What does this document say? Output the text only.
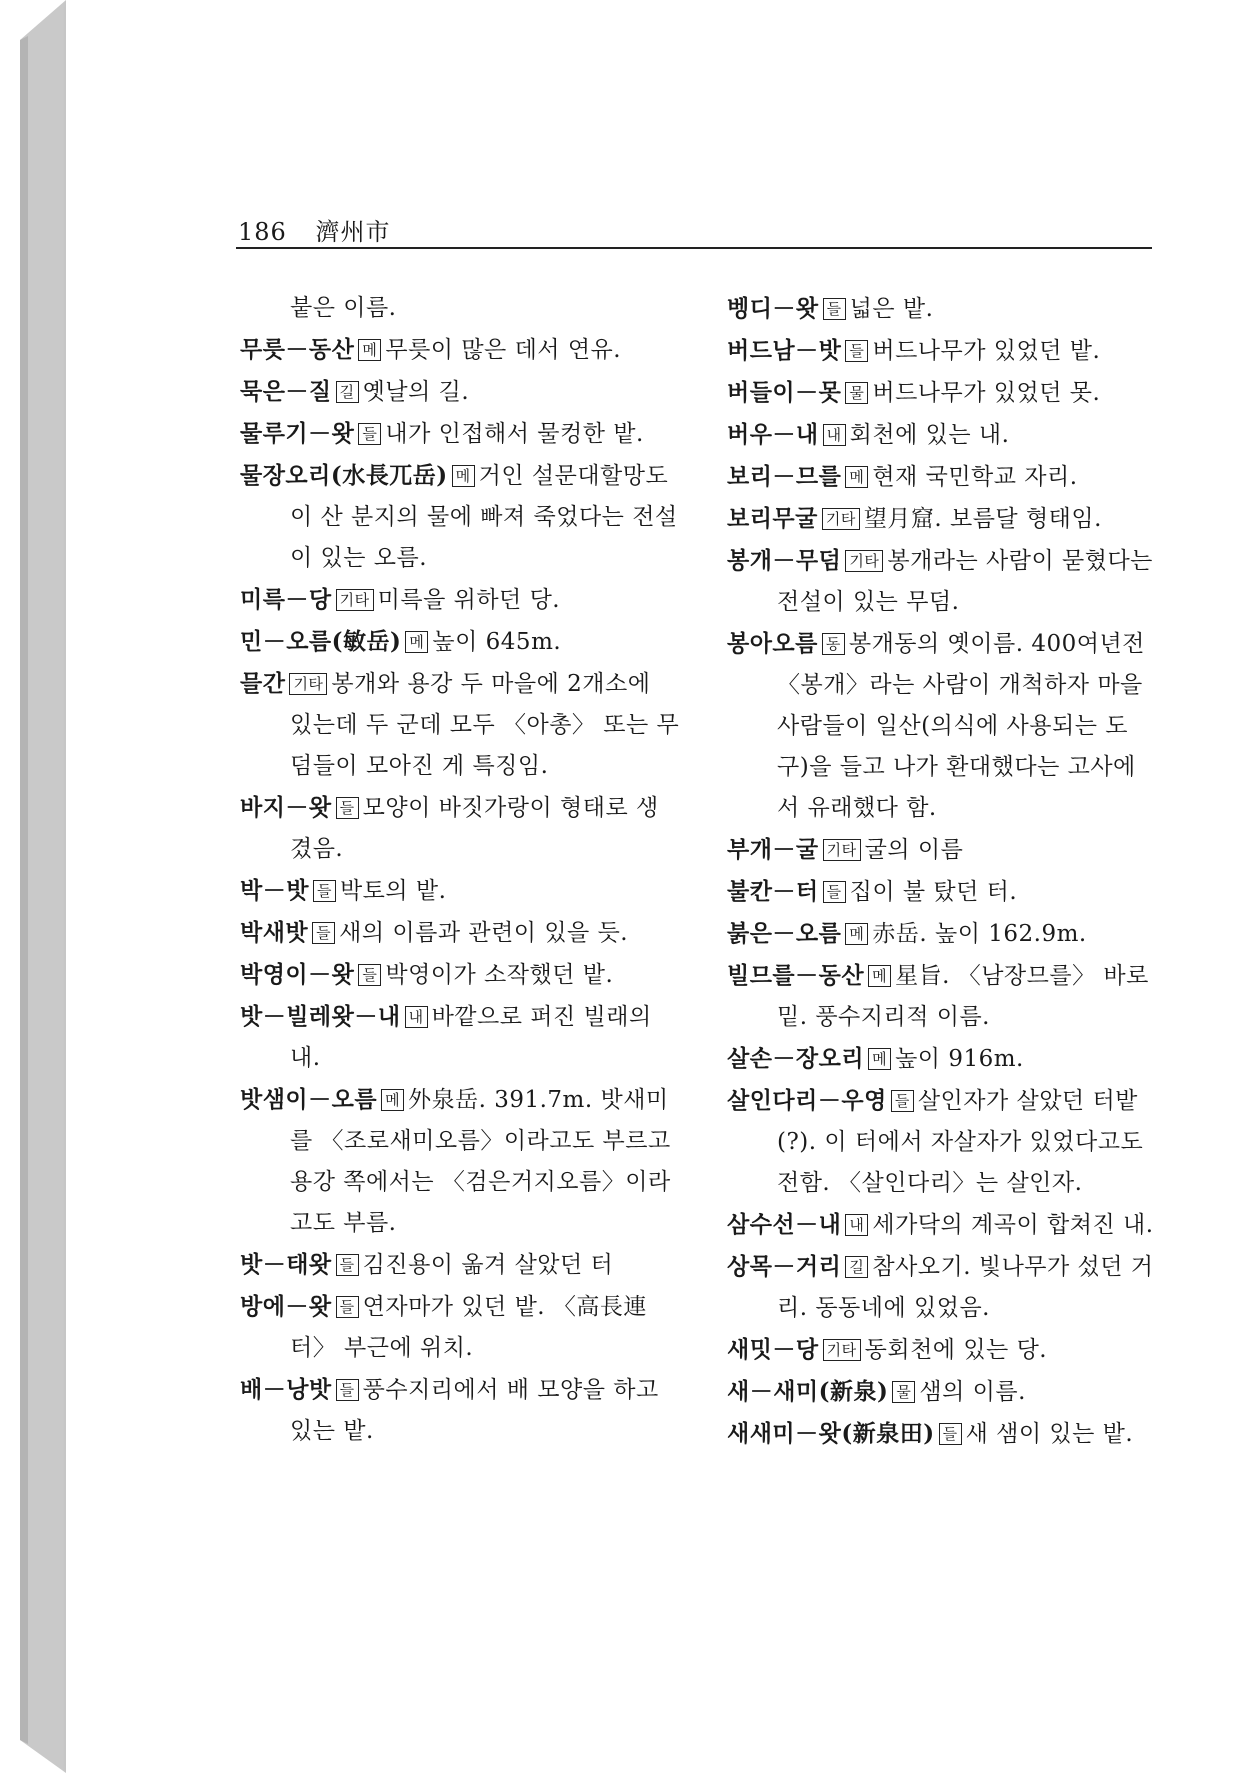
186 濟州市

붙은 이름.

무릇－동산 메 무릇이 많은 데서 연유.

묵은－질 길 옛날의 길.

물루기－왓 들 내가 인접해서 물컹한 밭.

물장오리(水長兀岳) 메 거인 설문대할망도 이 산 분지의 물에 빠져 죽었다는 전설이 있는 오름.

미륵－당 기타 미륵을 위하던 당.

민－오름(敏岳) 메 높이 645m.

믈간 기타 봉개와 용강 두 마을에 2개소에 있는데 두 군데 모두 〈아총〉 또는 무덤들이 모아진 게 특징임.

바지－왓 들 모양이 바짓가랑이 형태로 생겼음.

박－밧 들 박토의 밭.

박새밧 들 새의 이름과 관련이 있을 듯.

박영이－왓 들 박영이가 소작했던 밭.

밧－빌레왓－내 내 바깥으로 퍼진 빌래의 내.

밧샘이－오름 메 外泉岳. 391.7m. 밧새미를 〈조로새미오름〉이라고도 부르고 용강 쪽에서는 〈검은거지오름〉이라고도 부름.

밧－태왓 들 김진용이 옮겨 살았던 터

방에－왓 들 연자마가 있던 밭. 〈高長連터〉 부근에 위치.

배－낭밧 들 풍수지리에서 배 모양을 하고 있는 밭.

벵디－왓 들 넓은 밭.

버드남－밧 들 버드나무가 있었던 밭.

버들이－못 물 버드나무가 있었던 못.

버우－내 내 회천에 있는 내.

보리－므를 메 현재 국민학교 자리.

보리무굴 기타 望月窟. 보름달 형태임.

봉개－무덤 기타 봉개라는 사람이 묻혔다는 전설이 있는 무덤.

봉아오름 동 봉개동의 옛이름. 400여년전 〈봉개〉라는 사람이 개척하자 마을 사람들이 일산(의식에 사용되는 도구)을 들고 나가 환대했다는 고사에서 유래했다 함.

부개－굴 기타 굴의 이름

불칸－터 들 집이 불 탔던 터.

붉은－오름 메 赤岳. 높이 162.9m.

빌므를－동산 메 星旨. 〈남장므를〉 바로 밑. 풍수지리적 이름.

살손－장오리 메 높이 916m.

살인다리－우영 들 살인자가 살았던 터밭(?). 이 터에서 자살자가 있었다고도 전함. 〈살인다리〉는 살인자.

삼수선－내 내 세가닥의 계곡이 합쳐진 내.

상목－거리 길 참사오기. 빛나무가 섰던 거리. 동동네에 있었음.

새밋－당 기타 동회천에 있는 당.

새－새미(新泉) 물 샘의 이름.

새새미－왓(新泉田) 들 새 샘이 있는 밭.
